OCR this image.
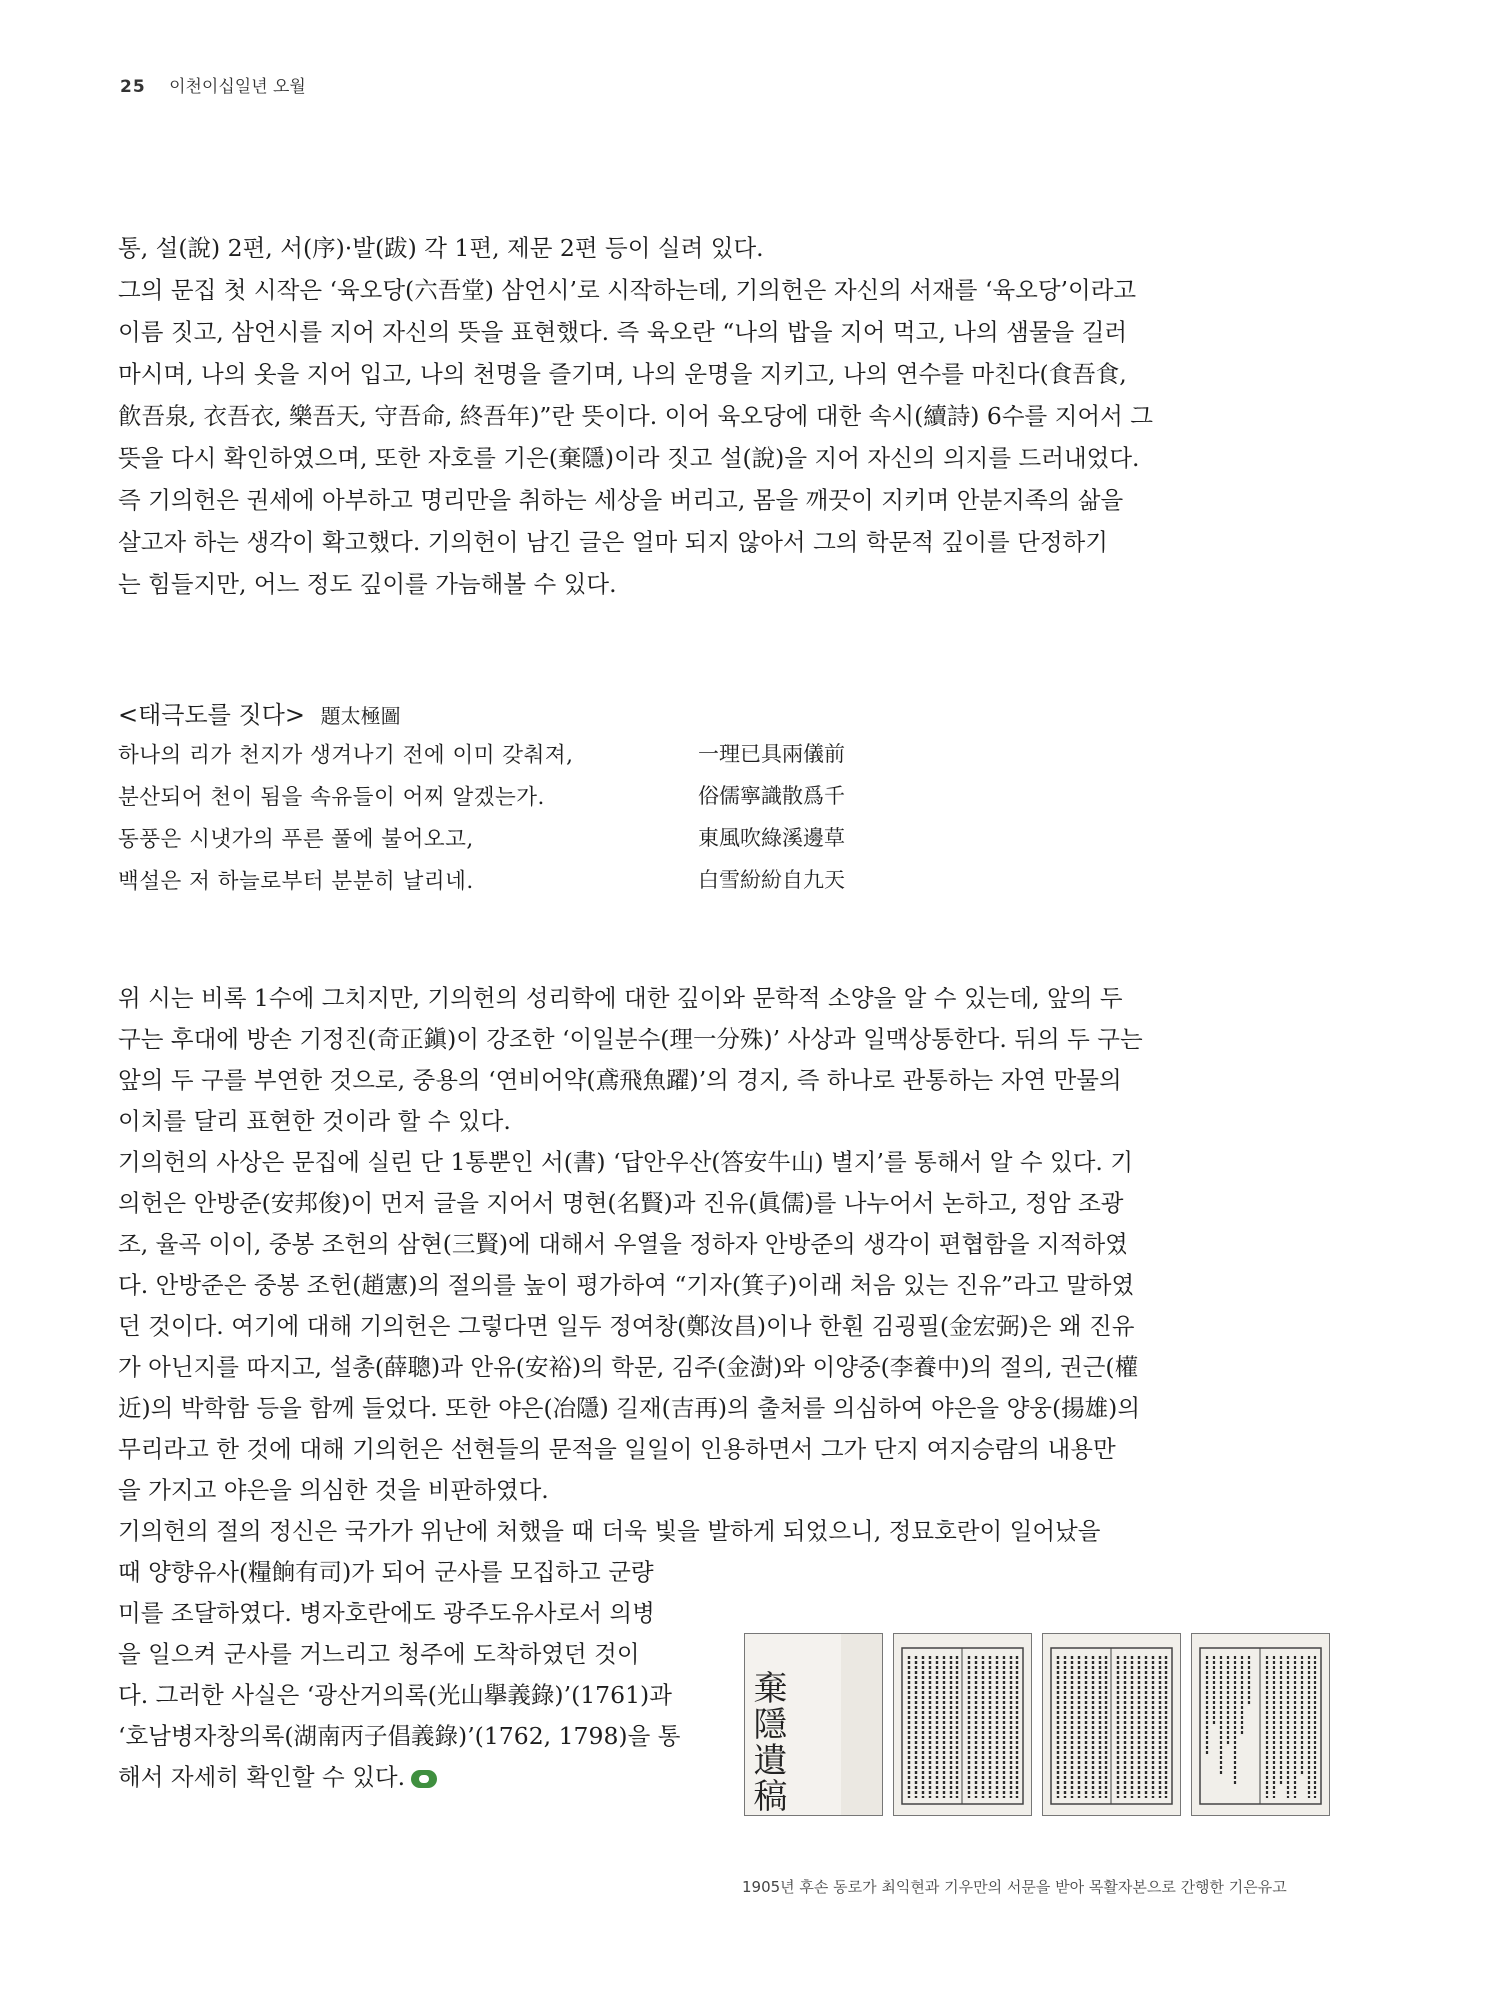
25 이천이십일년 오월
통, 설(說) 2편, 서(序)·발(跋) 각 1편, 제문 2편 등이 실려 있다.
그의 문집 첫 시작은 ‘육오당(六吾堂) 삼언시’로 시작하는데, 기의헌은 자신의 서재를 ‘육오당’이라고
이름 짓고, 삼언시를 지어 자신의 뜻을 표현했다. 즉 육오란 “나의 밥을 지어 먹고, 나의 샘물을 길러
마시며, 나의 옷을 지어 입고, 나의 천명을 즐기며, 나의 운명을 지키고, 나의 연수를 마친다(食吾食,
飮吾泉, 衣吾衣, 樂吾天, 守吾命, 終吾年)”란 뜻이다. 이어 육오당에 대한 속시(續詩) 6수를 지어서 그
뜻을 다시 확인하였으며, 또한 자호를 기은(棄隱)이라 짓고 설(說)을 지어 자신의 의지를 드러내었다.
즉 기의헌은 권세에 아부하고 명리만을 취하는 세상을 버리고, 몸을 깨끗이 지키며 안분지족의 삶을
살고자 하는 생각이 확고했다. 기의헌이 남긴 글은 얼마 되지 않아서 그의 학문적 깊이를 단정하기
는 힘들지만, 어느 정도 깊이를 가늠해볼 수 있다.
<태극도를 짓다> 題太極圖
하나의 리가 천지가 생겨나기 전에 이미 갖춰져,	一理已具兩儀前
분산되어 천이 됨을 속유들이 어찌 알겠는가.	俗儒寧識散爲千
동풍은 시냇가의 푸른 풀에 불어오고,	東風吹綠溪邊草
백설은 저 하늘로부터 분분히 날리네.	白雪紛紛自九天
위 시는 비록 1수에 그치지만, 기의헌의 성리학에 대한 깊이와 문학적 소양을 알 수 있는데, 앞의 두
구는 후대에 방손 기정진(奇正鎭)이 강조한 ‘이일분수(理一分殊)’ 사상과 일맥상통한다. 뒤의 두 구는
앞의 두 구를 부연한 것으로, 중용의 ‘연비어약(鳶飛魚躍)’의 경지, 즉 하나로 관통하는 자연 만물의
이치를 달리 표현한 것이라 할 수 있다.
기의헌의 사상은 문집에 실린 단 1통뿐인 서(書) ‘답안우산(答安牛山) 별지’를 통해서 알 수 있다. 기
의헌은 안방준(安邦俊)이 먼저 글을 지어서 명현(名賢)과 진유(眞儒)를 나누어서 논하고, 정암 조광
조, 율곡 이이, 중봉 조헌의 삼현(三賢)에 대해서 우열을 정하자 안방준의 생각이 편협함을 지적하였
다. 안방준은 중봉 조헌(趙憲)의 절의를 높이 평가하여 “기자(箕子)이래 처음 있는 진유”라고 말하였
던 것이다. 여기에 대해 기의헌은 그렇다면 일두 정여창(鄭汝昌)이나 한훤 김굉필(金宏弼)은 왜 진유
가 아닌지를 따지고, 설총(薛聰)과 안유(安裕)의 학문, 김주(金澍)와 이양중(李養中)의 절의, 권근(權
近)의 박학함 등을 함께 들었다. 또한 야은(冶隱) 길재(吉再)의 출처를 의심하여 야은을 양웅(揚雄)의
무리라고 한 것에 대해 기의헌은 선현들의 문적을 일일이 인용하면서 그가 단지 여지승람의 내용만
을 가지고 야은을 의심한 것을 비판하였다.
기의헌의 절의 정신은 국가가 위난에 처했을 때 더욱 빛을 발하게 되었으니, 정묘호란이 일어났을
때 양향유사(糧餉有司)가 되어 군사를 모집하고 군량
미를 조달하였다. 병자호란에도 광주도유사로서 의병
을 일으켜 군사를 거느리고 청주에 도착하였던 것이
다. 그러한 사실은 ‘광산거의록(光山擧義錄)’(1761)과
‘호남병자창의록(湖南丙子倡義錄)’(1762, 1798)을 통
해서 자세히 확인할 수 있다.	棄隱遺稿
1905년 후손 동로가 최익현과 기우만의 서문을 받아 목활자본으로 간행한 기은유고
